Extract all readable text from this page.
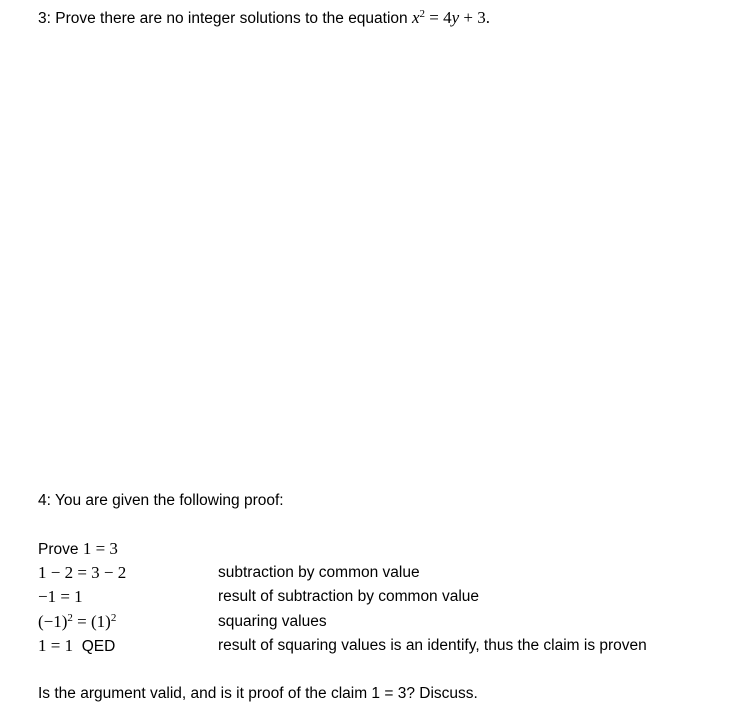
3: Prove there are no integer solutions to the equation $x^2 = 4y + 3$.
4: You are given the following proof:
Prove 1 = 3
1 − 2 = 3 − 2	subtraction by common value
−1 = 1	result of subtraction by common value
$(-1)^2 = (1)^2$	squaring values
1 = 1  QED	result of squaring values is an identify, thus the claim is proven
Is the argument valid, and is it proof of the claim 1 = 3? Discuss.
